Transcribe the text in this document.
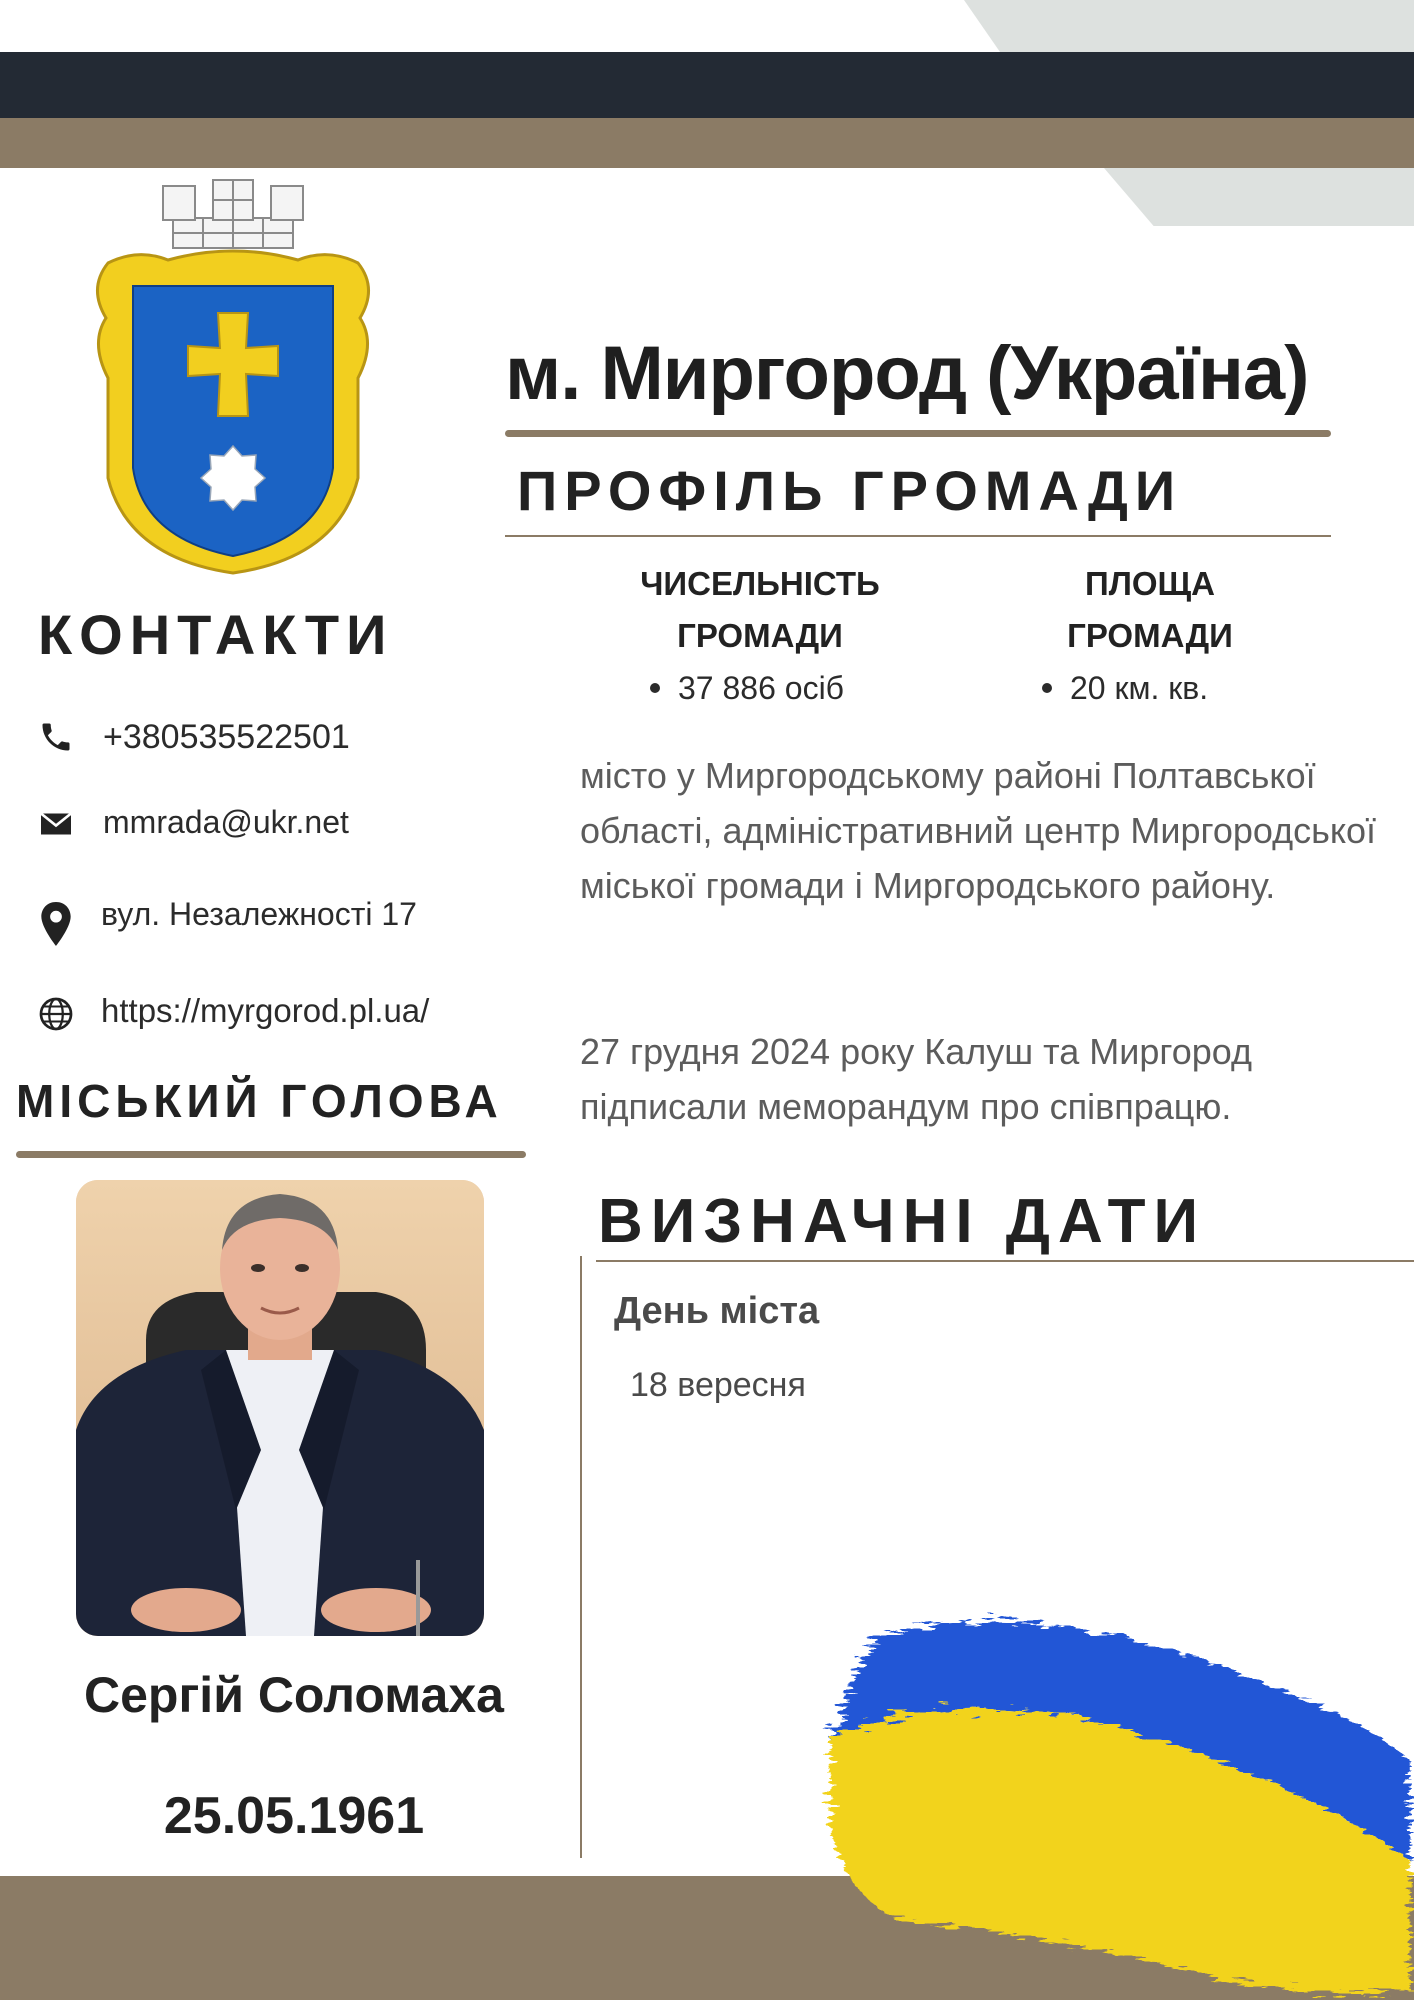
м. Миргород (Україна)
ПРОФІЛЬ ГРОМАДИ
ЧИСЕЛЬНІСТЬ
ГРОМАДИ
37 886 осіб
ПЛОЩА
ГРОМАДИ
20 км. кв.
місто у Миргородському районі Полтавської області, адміністративний центр Миргородської міської громади і Миргородського району.
27 грудня 2024 року Калуш та Миргород підписали меморандум про співпрацю.
КОНТАКТИ
+380535522501
mmrada@ukr.net
вул. Незалежності 17
https://myrgorod.pl.ua/
МІСЬКИЙ ГОЛОВА
Сергій Соломаха
25.05.1961
ВИЗНАЧНІ ДАТИ
День міста
18 вересня
